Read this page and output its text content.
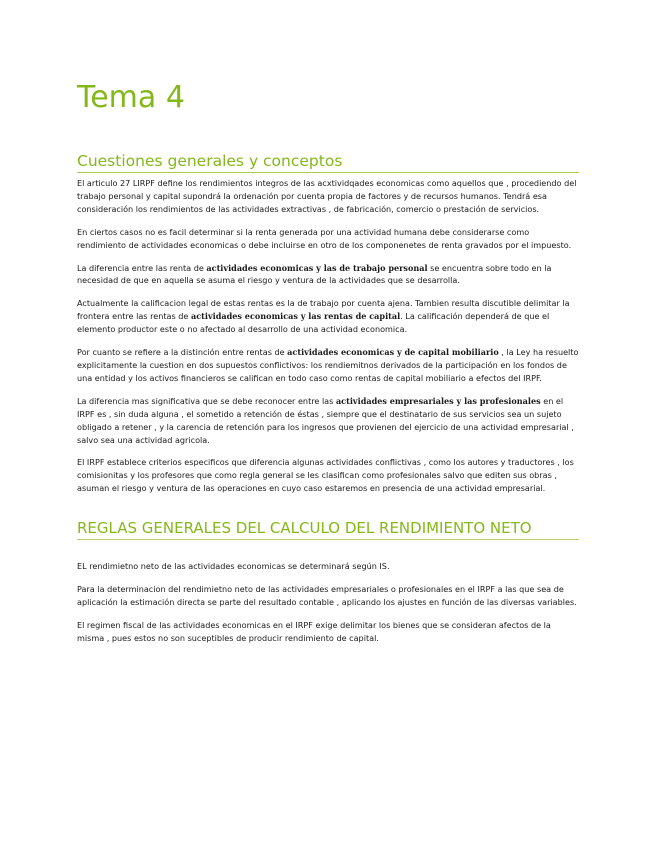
Tema 4
Cuestiones generales y conceptos

El articulo 27 LIRPF define los rendimientos integros de las acxtividqades economicas como aquellos que , procediendo del trabajo personal y capital supondrá la ordenación por cuenta propia de factores y de recursos humanos. Tendrá esa consideración los rendimientos de las actividades extractivas , de fabricación, comercio o prestación de servicios.

En ciertos casos no es facil determinar si la renta generada por una actividad humana debe considerarse como rendimiento de actividades economicas o debe incluirse en otro de los componenetes de renta gravados por el impuesto.

La diferencia entre las renta de actividades economicas y las de trabajo personal se encuentra sobre todo en la necesidad de que en aquella se asuma el riesgo y ventura de la actividades que se desarrolla.

Actualmente la calificacion legal de estas rentas es la de trabajo por cuenta ajena. Tambien resulta discutible delimitar la frontera entre las rentas de actividades economicas y las rentas de capital. La calificación dependerá de que el elemento productor este o no afectado al desarrollo de una actividad economica.

Por cuanto se refiere a la distinción entre rentas de actividades economicas y de capital mobiliario , la Ley ha resuelto explicitamente la cuestion en dos supuestos conflictivos: los rendiemitnos derivados de la participación en los fondos de una entidad y los activos financieros se califican en todo caso como rentas de capital mobiliario a efectos del IRPF.

La diferencia mas significativa que se debe reconocer entre las actividades empresariales y las profesionales en el IRPF es , sin duda alguna , el sometido a retención de éstas , siempre que el destinatario de sus servicios sea un sujeto obligado a retener , y la carencia de retención para los ingresos que provienen del ejercicio de una actividad empresarial , salvo sea una actividad agricola.

El IRPF establece criterios especificos que diferencia algunas actividades conflictivas , como los autores y traductores , los comisionitas y los profesores que como regla general se les clasifican como profesionales salvo que editen sus obras , asuman el riesgo y ventura de las operaciones en cuyo caso estaremos en presencia de una actividad empresarial.

REGLAS GENERALES DEL CALCULO DEL RENDIMIENTO NETO

EL rendimietno neto de las actividades economicas se determinará según IS.

Para la determinacion del rendimietno neto de las actividades empresariales o profesionales en el IRPF a las que sea de aplicación la estimación directa se parte del resultado contable , aplicando los ajustes en función de las diversas variables.

El regimen fiscal de las actividades economicas en el IRPF exige delimitar los bienes que se consideran afectos de la misma , pues estos no son suceptibles de producir rendimiento de capital.
